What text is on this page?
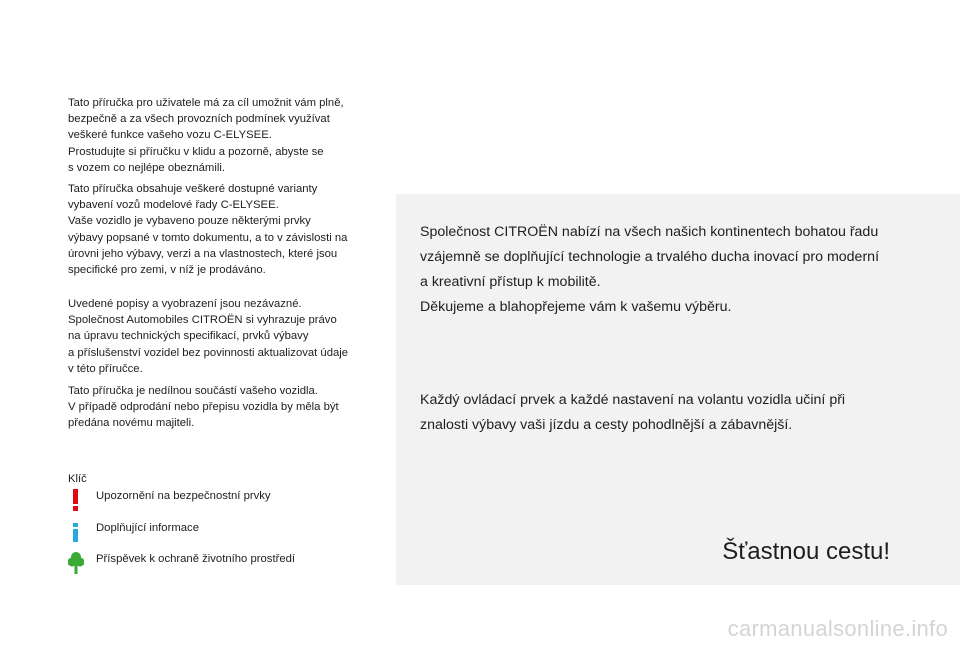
Tato příručka pro uživatele má za cíl umožnit vám plně,
bezpečně a za všech provozních podmínek využívat
veškeré funkce vašeho vozu C-ELYSEE.
Prostudujte si příručku v klidu a pozorně, abyste se
s vozem co nejlépe obeznámili.

Tato příručka obsahuje veškeré dostupné varianty
vybavení vozů modelové řady C-ELYSEE.
Vaše vozidlo je vybaveno pouze některými prvky
výbavy popsané v tomto dokumentu, a to v závislosti na
úrovni jeho výbavy, verzi a na vlastnostech, které jsou
specifické pro zemi, v níž je prodáváno.

Uvedené popisy a vyobrazení jsou nezávazné.
Společnost Automobiles CITROËN si vyhrazuje právo
na úpravu technických specifikací, prvků výbavy
a příslušenství vozidel bez povinnosti aktualizovat údaje
v této příručce.

Tato příručka je nedílnou součástí vašeho vozidla.
V případě odprodání nebo přepisu vozidla by měla být
předána novému majiteli.

Klíč
Upozornění na bezpečnostní prvky
Doplňující informace
Příspěvek k ochraně životního prostředí

Společnost CITROËN nabízí na všech našich kontinentech bohatou řadu
vzájemně se doplňující technologie a trvalého ducha inovací pro moderní
a kreativní přístup k mobilitě.
Děkujeme a blahopřejeme vám k vašemu výběru.

Každý ovládací prvek a každé nastavení na volantu vozidla učiní při
znalosti výbavy vaši jízdu a cesty pohodlnější a zábavnější.

Šťastnou cestu!
carmanualsonline.info
